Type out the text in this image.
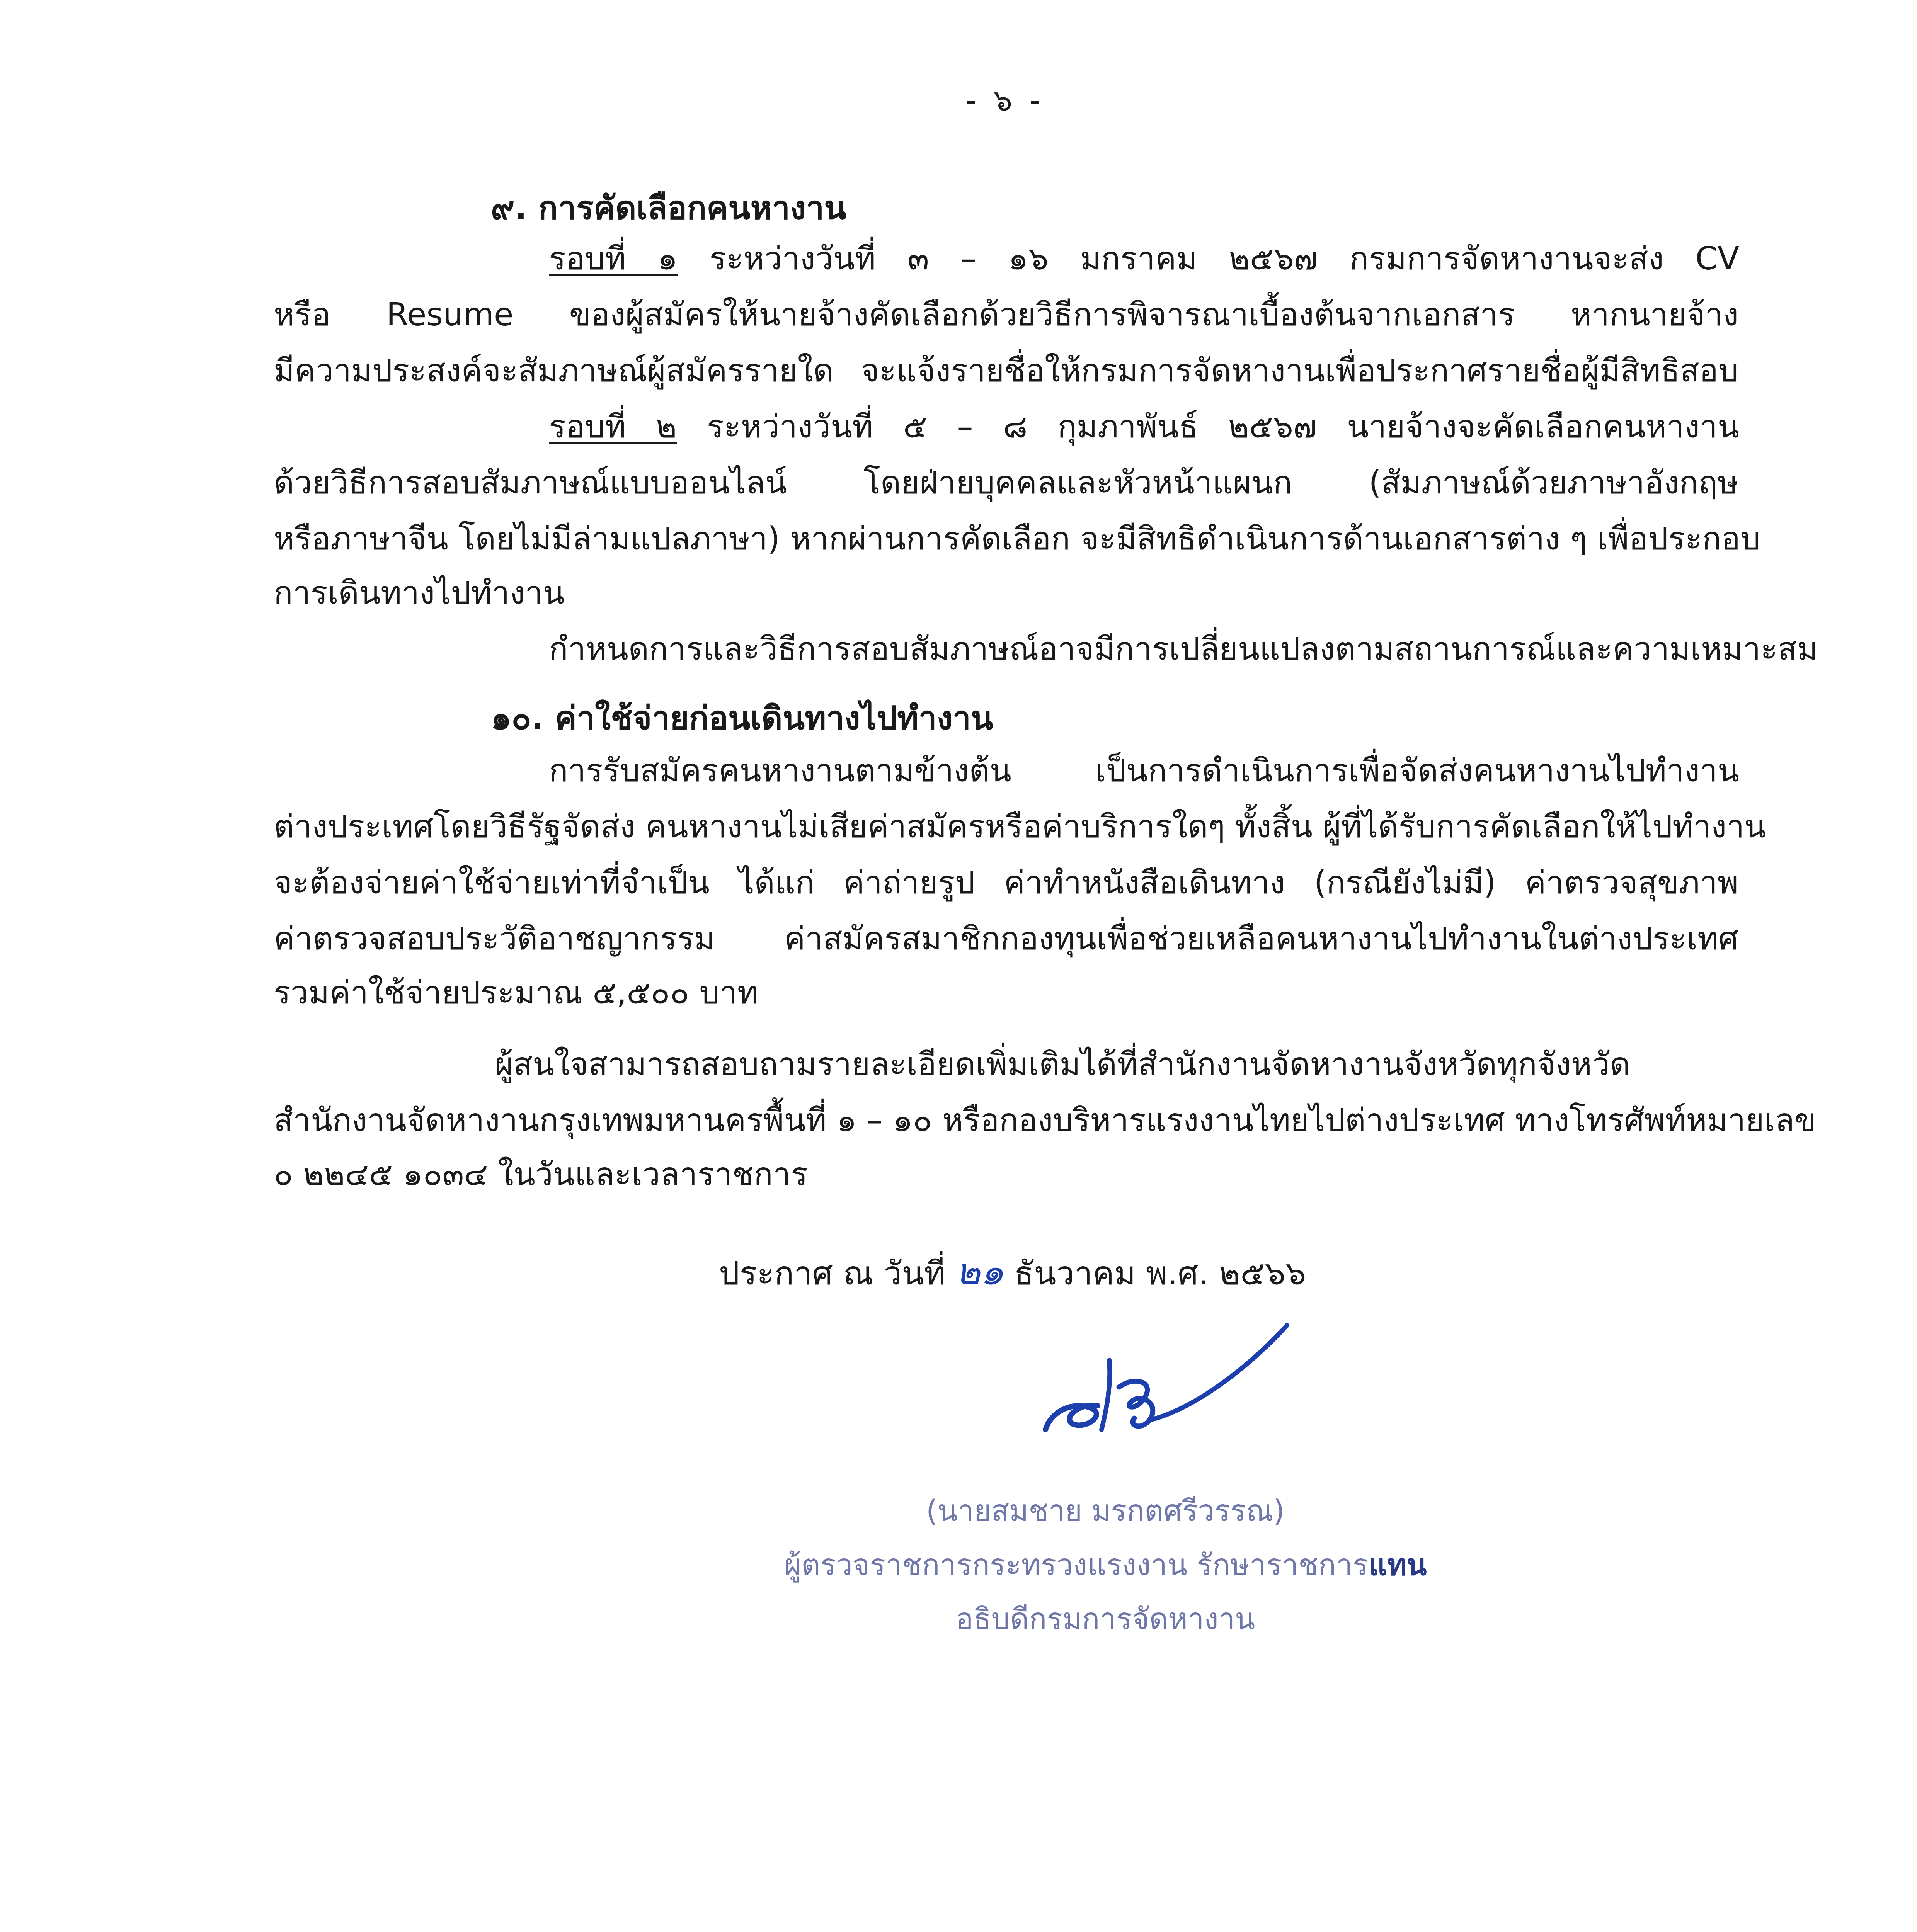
- ๖ -
๙. การคัดเลือกคนหางาน
รอบที่ ๑ ระหว่างวันที่ ๓ – ๑๖ มกราคม ๒๕๖๗ กรมการจัดหางานจะส่ง CV
หรือ Resume ของผู้สมัครให้นายจ้างคัดเลือกด้วยวิธีการพิจารณาเบื้องต้นจากเอกสาร หากนายจ้าง
มีความประสงค์จะสัมภาษณ์ผู้สมัครรายใด จะแจ้งรายชื่อให้กรมการจัดหางานเพื่อประกาศรายชื่อผู้มีสิทธิสอบ
รอบที่ ๒ ระหว่างวันที่ ๕ – ๘ กุมภาพันธ์ ๒๕๖๗ นายจ้างจะคัดเลือกคนหางาน
ด้วยวิธีการสอบสัมภาษณ์แบบออนไลน์ โดยฝ่ายบุคคลและหัวหน้าแผนก (สัมภาษณ์ด้วยภาษาอังกฤษ
หรือภาษาจีน โดยไม่มีล่ามแปลภาษา) หากผ่านการคัดเลือก จะมีสิทธิดำเนินการด้านเอกสารต่าง ๆ เพื่อประกอบ
การเดินทางไปทำงาน
กำหนดการและวิธีการสอบสัมภาษณ์อาจมีการเปลี่ยนแปลงตามสถานการณ์และความเหมาะสม
๑๐. ค่าใช้จ่ายก่อนเดินทางไปทำงาน
การรับสมัครคนหางานตามข้างต้น เป็นการดำเนินการเพื่อจัดส่งคนหางานไปทำงาน
ต่างประเทศโดยวิธีรัฐจัดส่ง คนหางานไม่เสียค่าสมัครหรือค่าบริการใดๆ ทั้งสิ้น ผู้ที่ได้รับการคัดเลือกให้ไปทำงาน
จะต้องจ่ายค่าใช้จ่ายเท่าที่จำเป็น ได้แก่ ค่าถ่ายรูป ค่าทำหนังสือเดินทาง (กรณียังไม่มี) ค่าตรวจสุขภาพ
ค่าตรวจสอบประวัติอาชญากรรม ค่าสมัครสมาชิกกองทุนเพื่อช่วยเหลือคนหางานไปทำงานในต่างประเทศ
รวมค่าใช้จ่ายประมาณ ๕,๕๐๐ บาท
ผู้สนใจสามารถสอบถามรายละเอียดเพิ่มเติมได้ที่สำนักงานจัดหางานจังหวัดทุกจังหวัด
สำนักงานจัดหางานกรุงเทพมหานครพื้นที่ ๑ – ๑๐ หรือกองบริหารแรงงานไทยไปต่างประเทศ ทางโทรศัพท์หมายเลข
๐ ๒๒๔๕ ๑๐๓๔ ในวันและเวลาราชการ
ประกาศ ณ วันที่ ๒๑ ธันวาคม พ.ศ. ๒๕๖๖
(นายสมชาย มรกตศรีวรรณ)
ผู้ตรวจราชการกระทรวงแรงงาน รักษาราชการแทน
อธิบดีกรมการจัดหางาน
